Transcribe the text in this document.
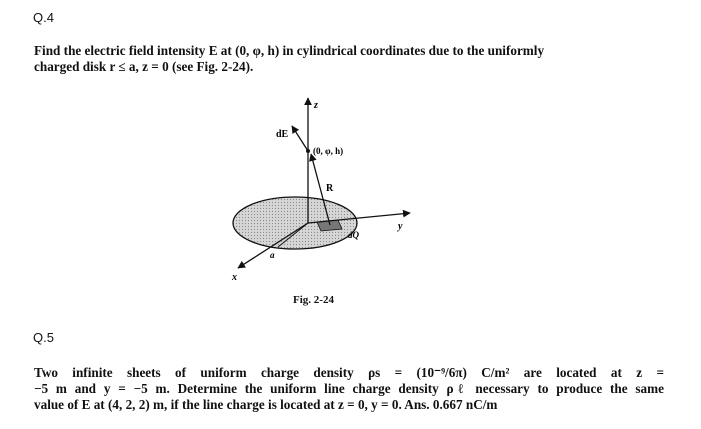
Q.4
Find the electric field intensity E at (0, φ, h) in cylindrical coordinates due to the uniformly
charged disk r ≤ a, z = 0 (see Fig. 2-24).
z
dE
(0, φ, h)
R
dQ
y
a
x
Fig. 2-24
Q.5
Two infinite sheets of uniform charge density ρs = (10⁻⁹/6π) C/m² are located at z =
−5 m and y = −5 m. Determine the uniform line charge density ρℓ necessary to produce the same
value of E at (4, 2, 2) m, if the line charge is located at z = 0, y = 0. Ans. 0.667 nC/m
